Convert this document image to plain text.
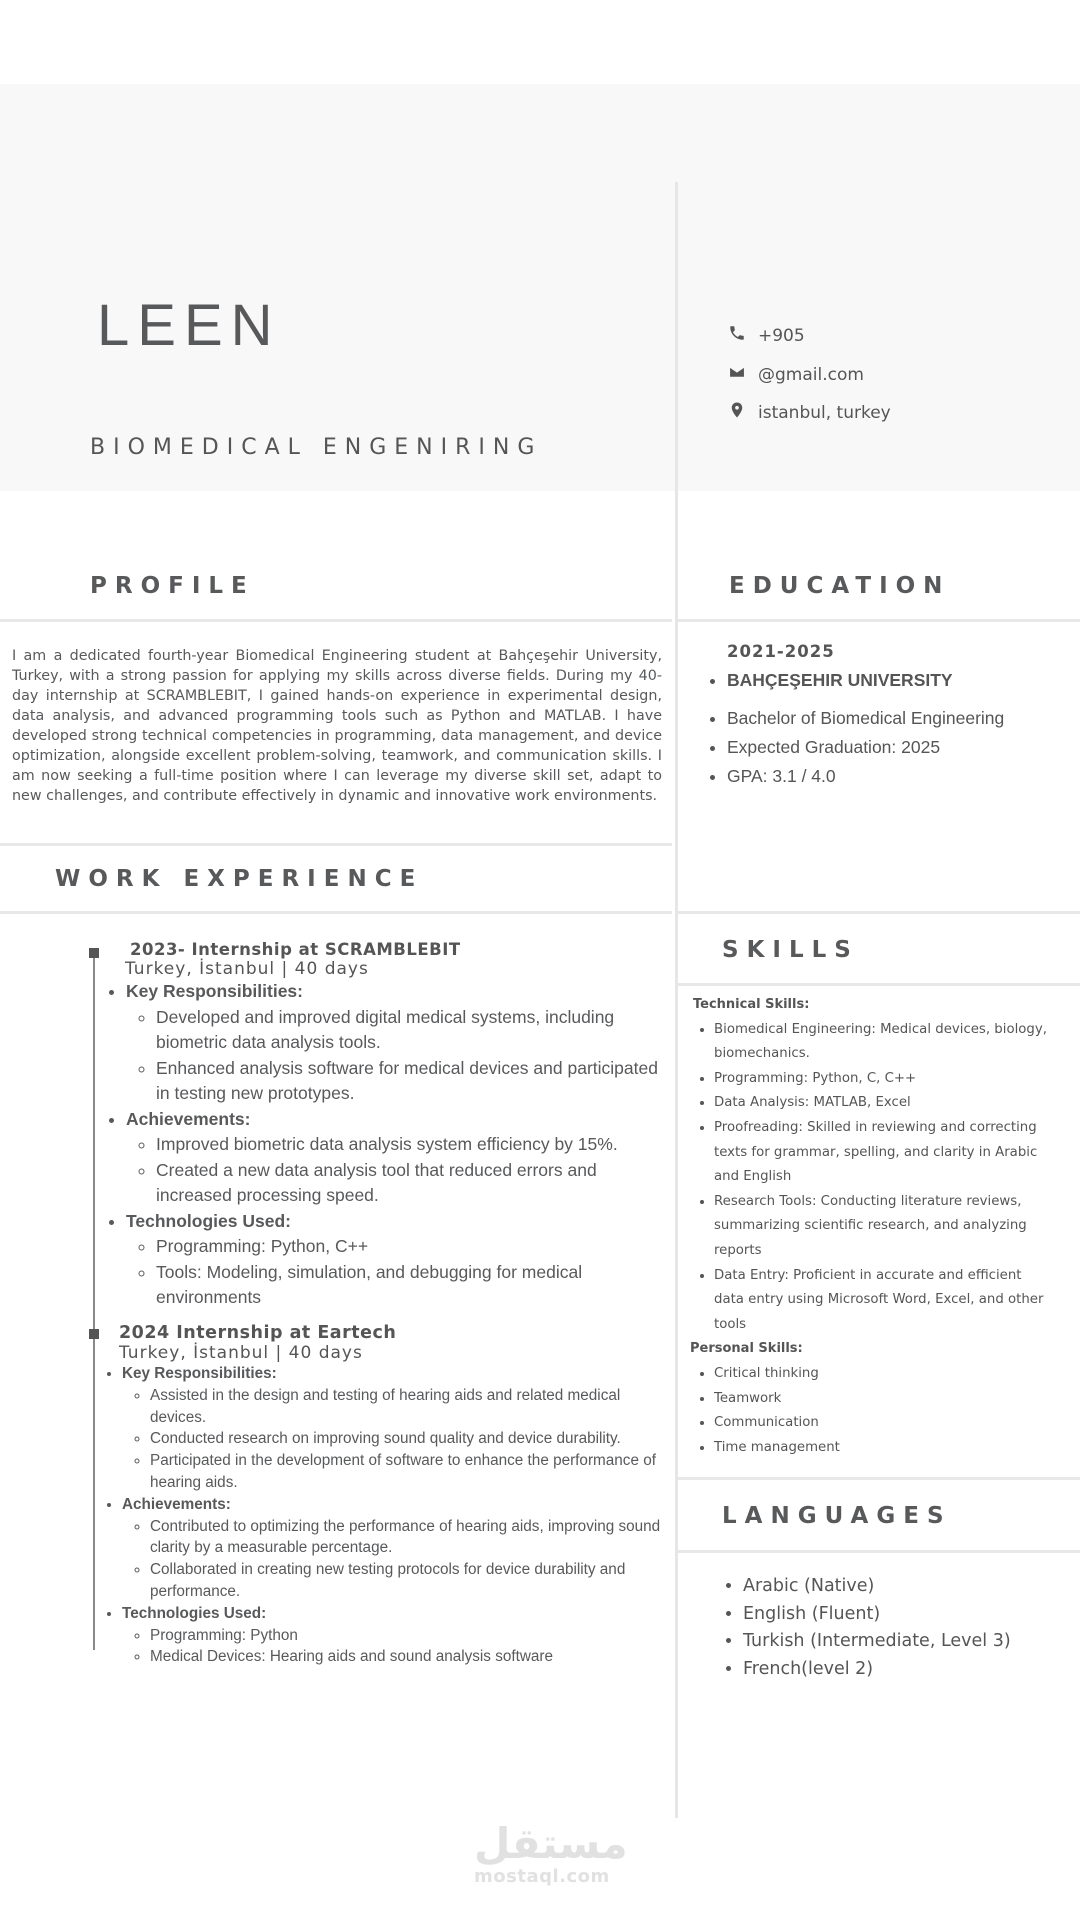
LEEN
BIOMEDICAL ENGENIRING
+905
@gmail.com
istanbul, turkey
PROFILE	EDUCATION
WORK EXPERIENCE
SKILLS
LANGUAGES
I am a dedicated fourth-year Biomedical Engineering student at Bahçeşehir University, Turkey, with a strong passion for applying my skills across diverse fields. During my 40-day internship at SCRAMBLEBIT, I gained hands-on experience in experimental design, data analysis, and advanced programming tools such as Python and MATLAB. I have developed strong technical competencies in programming, data management, and device optimization, alongside excellent problem-solving, teamwork, and communication skills. I am now seeking a full-time position where I can leverage my diverse skill set, adapt to new challenges, and contribute effectively in dynamic and innovative work environments.
2021-2025
• BAHÇEŞEHIR UNIVERSITY
• Bachelor of Biomedical Engineering
• Expected Graduation: 2025
• GPA: 3.1 / 4.0
2023- Internship at SCRAMBLEBIT
Turkey, İstanbul | 40 days
• Key Responsibilities:
◦ Developed and improved digital medical systems, including biometric data analysis tools.
◦ Enhanced analysis software for medical devices and participated in testing new prototypes.
• Achievements:
◦ Improved biometric data analysis system efficiency by 15%.
◦ Created a new data analysis tool that reduced errors and increased processing speed.
• Technologies Used:
◦ Programming: Python, C++
◦ Tools: Modeling, simulation, and debugging for medical environments
2024 Internship at Eartech
Turkey, İstanbul | 40 days
• Key Responsibilities:
◦ Assisted in the design and testing of hearing aids and related medical devices.
◦ Conducted research on improving sound quality and device durability.
◦ Participated in the development of software to enhance the performance of hearing aids.
• Achievements:
◦ Contributed to optimizing the performance of hearing aids, improving sound clarity by a measurable percentage.
◦ Collaborated in creating new testing protocols for device durability and performance.
• Technologies Used:
◦ Programming: Python
◦ Medical Devices: Hearing aids and sound analysis software
Technical Skills:
• Biomedical Engineering: Medical devices, biology, biomechanics.
• Programming: Python, C, C++
• Data Analysis: MATLAB, Excel
• Proofreading: Skilled in reviewing and correcting texts for grammar, spelling, and clarity in Arabic and English
• Research Tools: Conducting literature reviews, summarizing scientific research, and analyzing reports
• Data Entry: Proficient in accurate and efficient data entry using Microsoft Word, Excel, and other tools
Personal Skills:
• Critical thinking
• Teamwork
• Communication
• Time management
• Arabic (Native)
• English (Fluent)
• Turkish (Intermediate, Level 3)
• French(level 2)
مستقل
mostaql.com
